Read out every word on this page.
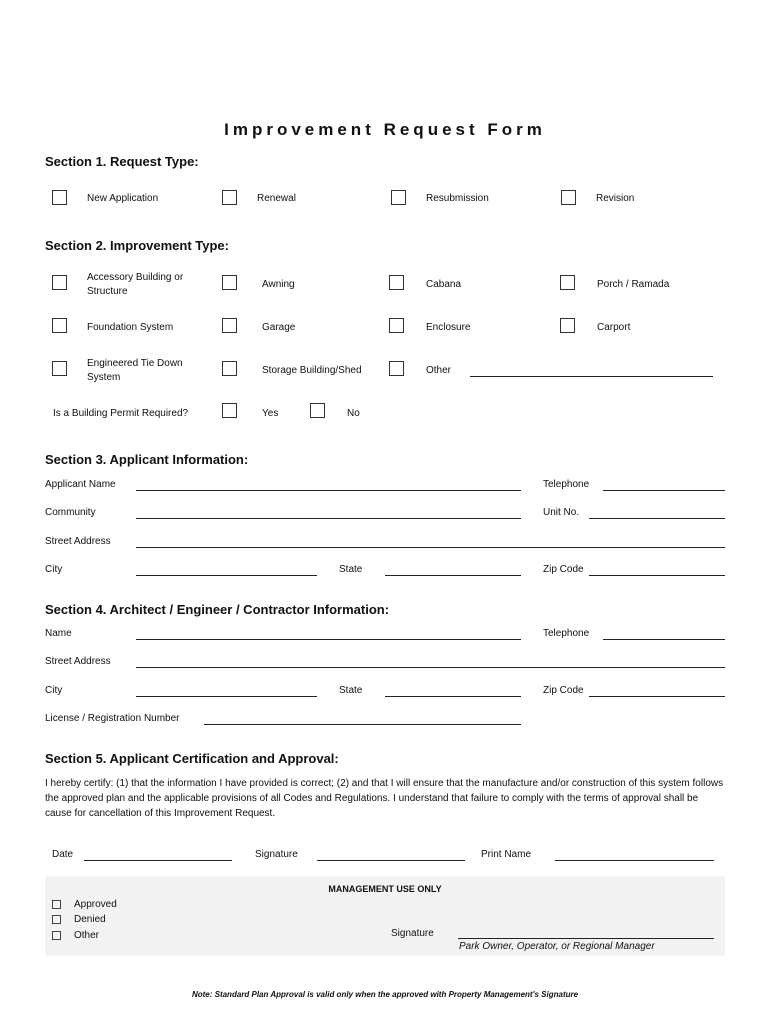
Improvement Request Form
Section 1. Request Type:
New Application	Renewal	Resubmission	Revision
Section 2. Improvement Type:
Accessory Building or Structure
Awning	Cabana	Porch / Ramada
Foundation System	Garage	Enclosure	Carport
Engineered Tie Down System
Storage Building/Shed	Other
Is a Building Permit Required?	Yes	No
Section 3. Applicant Information:
Applicant Name	Telephone
Community	Unit No.
Street Address
City	State	Zip Code
Section 4. Architect / Engineer / Contractor Information:
Name	Telephone
Street Address
City	State	Zip Code
License / Registration Number
Section 5. Applicant Certification and Approval:
I hereby certify: (1) that the information I have provided is correct; (2) and that I will ensure that the manufacture and/or construction of this system follows the approved plan and the applicable provisions of all Codes and Regulations. I understand that failure to comply with the terms of approval shall be cause for cancellation of this Improvement Request.
Date	Signature	Print Name
MANAGEMENT USE ONLY
Approved
Denied
Other	Signature
Park Owner, Operator, or Regional Manager
Note: Standard Plan Approval is valid only when the approved with Property Management's Signature
